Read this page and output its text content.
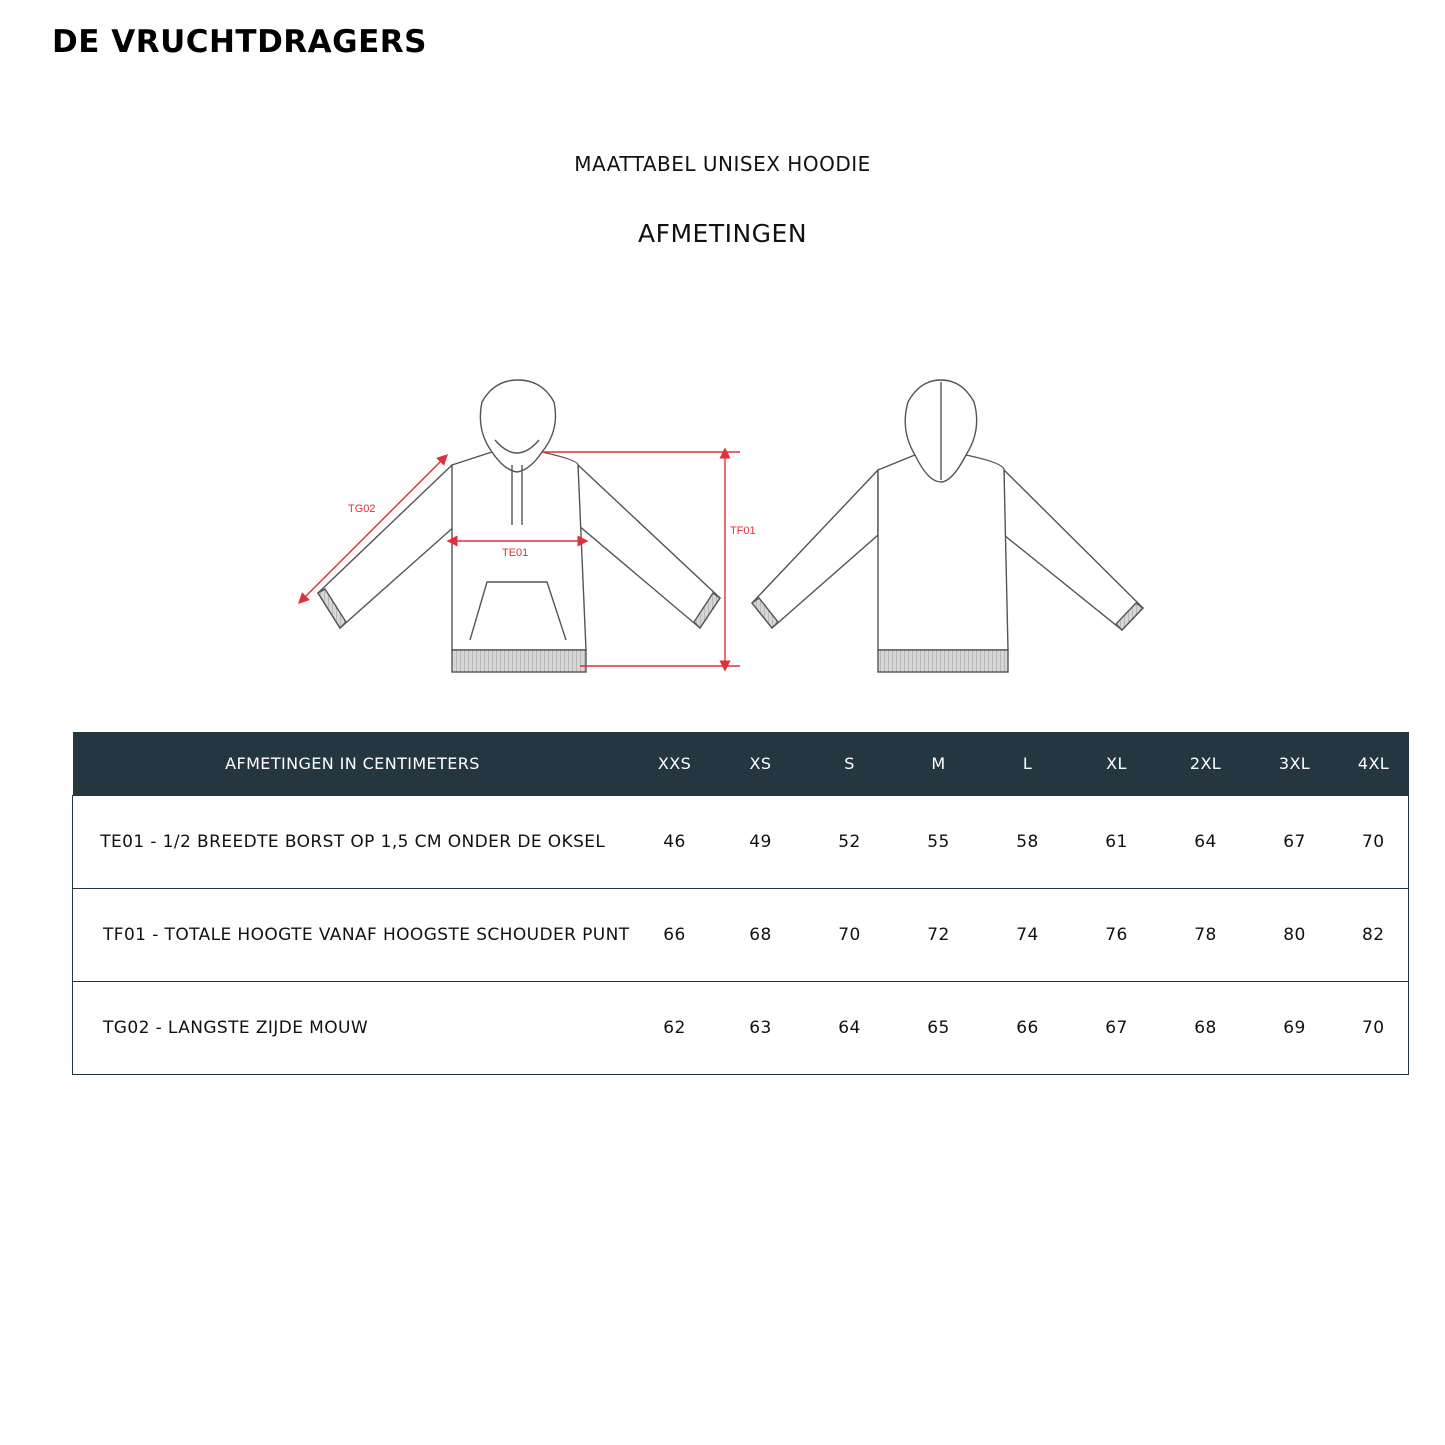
DE VRUCHTDRAGERS
MAATTABEL UNISEX HOODIE
AFMETINGEN
TG02
TE01
TF01
AFMETINGEN IN CENTIMETERS	XXS	XS	S	M	L	XL	2XL	3XL	4XL
TE01 - 1/2 BREEDTE BORST OP 1,5 CM ONDER DE OKSEL	46	49	52	55	58	61	64	67	70
TF01 - TOTALE HOOGTE VANAF HOOGSTE SCHOUDER PUNT	66	68	70	72	74	76	78	80	82
TG02 - LANGSTE ZIJDE MOUW	62	63	64	65	66	67	68	69	70
